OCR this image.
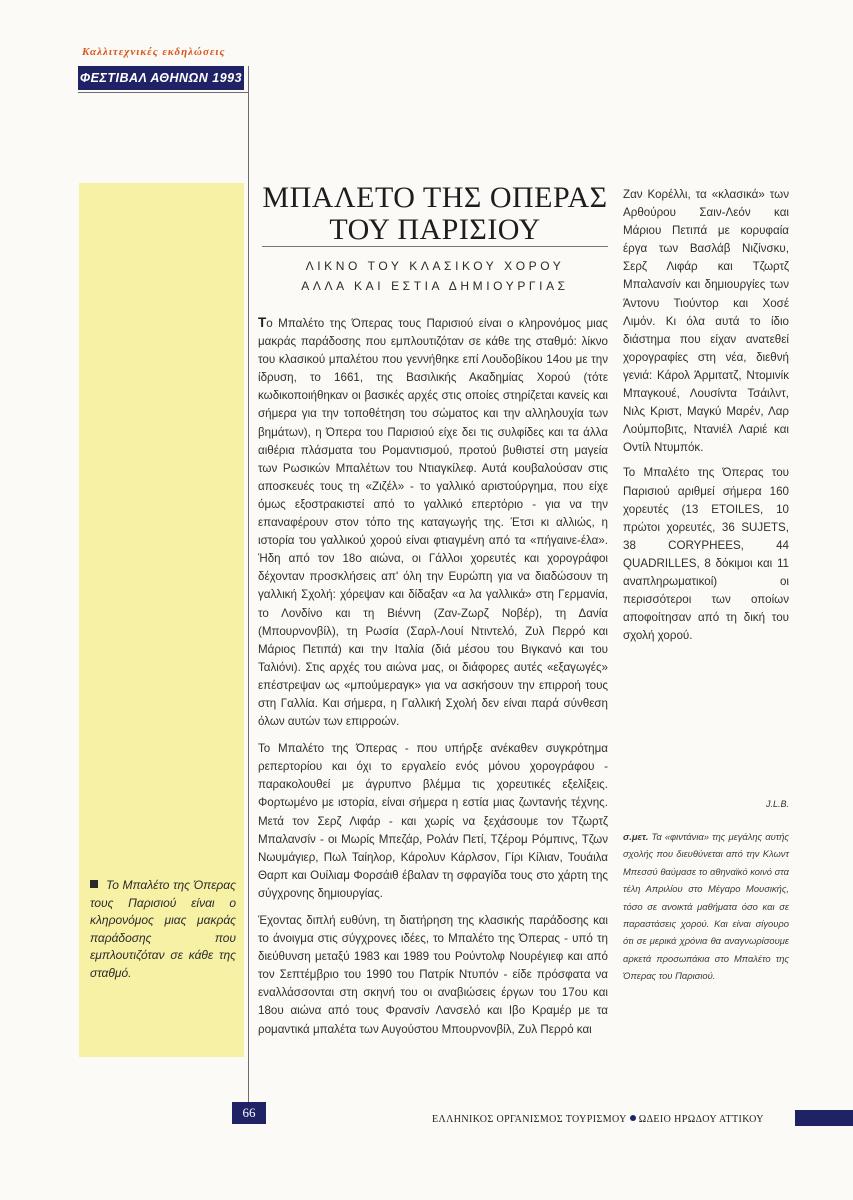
Καλλιτεχνικές εκδηλώσεις
ΦΕΣΤΙΒΑΛ ΑΘΗΝΩΝ 1993
Το Μπαλέτο της Όπερας τους Παρισιού είναι ο κληρονόμος μιας μακράς παράδοσης που εμπλουτιζόταν σε κάθε της σταθμό.
ΜΠΑΛΕΤΟ ΤΗΣ ΟΠΕΡΑΣ
ΤΟΥ ΠΑΡΙΣΙΟΥ
ΛΙΚΝΟ ΤΟΥ ΚΛΑΣΙΚΟΥ ΧΟΡΟΥ
ΑΛΛΑ ΚΑΙ ΕΣΤΙΑ ΔΗΜΙΟΥΡΓΙΑΣ

Το Μπαλέτο της Όπερας τους Παρισιού είναι ο κληρονόμος μιας μακράς παράδοσης που εμπλουτιζόταν σε κάθε της σταθμό: λίκνο του κλασικού μπαλέτου που γεννήθηκε επί Λουδοβίκου 14ου με την ίδρυση, το 1661, της Βασιλικής Ακαδημίας Χορού (τότε κωδικοποιήθηκαν οι βασικές αρχές στις οποίες στηρίζεται κανείς και σήμερα για την τοποθέτηση του σώματος και την αλληλουχία των βημάτων), η Όπερα του Παρισιού είχε δει τις συλφίδες και τα άλλα αιθέρια πλάσματα του Ρομαντισμού, προτού βυθιστεί στη μαγεία των Ρωσικών Μπαλέτων του Ντιαγκίλεφ. Αυτά κουβαλούσαν στις αποσκευές τους τη «Ζιζέλ» - το γαλλικό αριστούργημα, που είχε όμως εξοστρακιστεί από το γαλλικό επερτόριο - για να την επαναφέρουν στον τόπο της καταγωγής της. Έτσι κι αλλιώς, η ιστορία του γαλλικού χορού είναι φτιαγμένη από τα «πήγαινε-έλα». Ήδη από τον 18ο αιώνα, οι Γάλλοι χορευτές και χορογράφοι δέχονταν προσκλήσεις απ' όλη την Ευρώπη για να διαδώσουν τη γαλλική Σχολή: χόρεψαν και δίδαξαν «α λα γαλλικά» στη Γερμανία, το Λονδίνο και τη Βιέννη (Ζαν-Ζωρζ Νοβέρ), τη Δανία (Μπουρνονβίλ), τη Ρωσία (Σαρλ-Λουί Ντιντελό, Ζυλ Περρό και Μάριος Πετιπά) και την Ιταλία (διά μέσου του Βιγκανό και του Ταλιόνι). Στις αρχές του αιώνα μας, οι διάφορες αυτές «εξαγωγές» επέστρεψαν ως «μπούμεραγκ» για να ασκήσουν την επιρροή τους στη Γαλλία. Και σήμερα, η Γαλλική Σχολή δεν είναι παρά σύνθεση όλων αυτών των επιρροών.

Το Μπαλέτο της Όπερας - που υπήρξε ανέκαθεν συγκρότημα ρεπερτορίου και όχι το εργαλείο ενός μόνου χορογράφου - παρακολουθεί με άγρυπνο βλέμμα τις χορευτικές εξελίξεις. Φορτωμένο με ιστορία, είναι σήμερα η εστία μιας ζωντανής τέχνης. Μετά τον Σερζ Λιφάρ - και χωρίς να ξεχάσουμε τον Τζωρτζ Μπαλανσίν - οι Μωρίς Μπεζάρ, Ρολάν Πετί, Τζέρομ Ρόμπινς, Τζων Νωυμάγιερ, Πωλ Ταίηλορ, Κάρολυν Κάρλσον, Γίρι Κίλιαν, Τουάιλα Θαρπ και Ουίλιαμ Φορσάιθ έβαλαν τη σφραγίδα τους στο χάρτη της σύγχρονης δημιουργίας.

Έχοντας διπλή ευθύνη, τη διατήρηση της κλασικής παράδοσης και το άνοιγμα στις σύγχρονες ιδέες, το Μπαλέτο της Όπερας - υπό τη διεύθυνση μεταξύ 1983 και 1989 του Ρούντολφ Νουρέγιεφ και από τον Σεπτέμβριο του 1990 του Πατρίκ Ντυπόν - είδε πρόσφατα να εναλλάσσονται στη σκηνή του οι αναβιώσεις έργων του 17ου και 18ου αιώνα από τους Φρανσίν Λανσελό και Ιβο Κραμέρ με τα ρομαντικά μπαλέτα των Αυγούστου Μπουρνονβίλ, Ζυλ Περρό και

Ζαν Κορέλλι, τα «κλασικά» των Αρθούρου Σαιν-Λεόν και Μάριου Πετιπά με κορυφαία έργα των Βασλάβ Νιζίνσκυ, Σερζ Λιφάρ και Τζωρτζ Μπαλανσίν και δημιουργίες των Άντονυ Τιούντορ και Χοσέ Λιμόν. Κι όλα αυτά το ίδιο διάστημα που είχαν ανατεθεί χορογραφίες στη νέα, διεθνή γενιά: Κάρολ Άρμιτατζ, Ντομινίκ Μπαγκουέ, Λουσίντα Τσάιλντ, Νιλς Κριστ, Μαγκύ Μαρέν, Λαρ Λούμποβιτς, Ντανιέλ Λαριέ και Οντίλ Ντυμπόκ.

Το Μπαλέτο της Όπερας του Παρισιού αριθμεί σήμερα 160 χορευτές (13 ETOILES, 10 πρώτοι χορευτές, 36 SUJETS, 38 CORYPHEES, 44 QUADRILLES, 8 δόκιμοι και 11 αναπληρωματικοί) οι περισσότεροι των οποίων αποφοίτησαν από τη δική του σχολή χορού.

J.L.B.
σ.μετ. Τα «φιντάνια» της μεγάλης αυτής σχολής που διευθύνεται από την Κλωντ Μπεσσύ θαύμασε το αθηναϊκό κοινό στα τέλη Απριλίου στο Μέγαρο Μουσικής, τόσο σε ανοικτά μαθήματα όσο και σε παραστάσεις χορού. Και είναι σίγουρο ότι σε μερικά χρόνια θα αναγνωρίσουμε αρκετά προσωπάκια στο Μπαλέτο της Όπερας του Παρισιού.
66	ΕΛΛΗΝΙΚΟΣ ΟΡΓΑΝΙΣΜΟΣ ΤΟΥΡΙΣΜΟΥ ΩΔΕΙΟ ΗΡΩΔΟΥ ΑΤΤΙΚΟΥ
